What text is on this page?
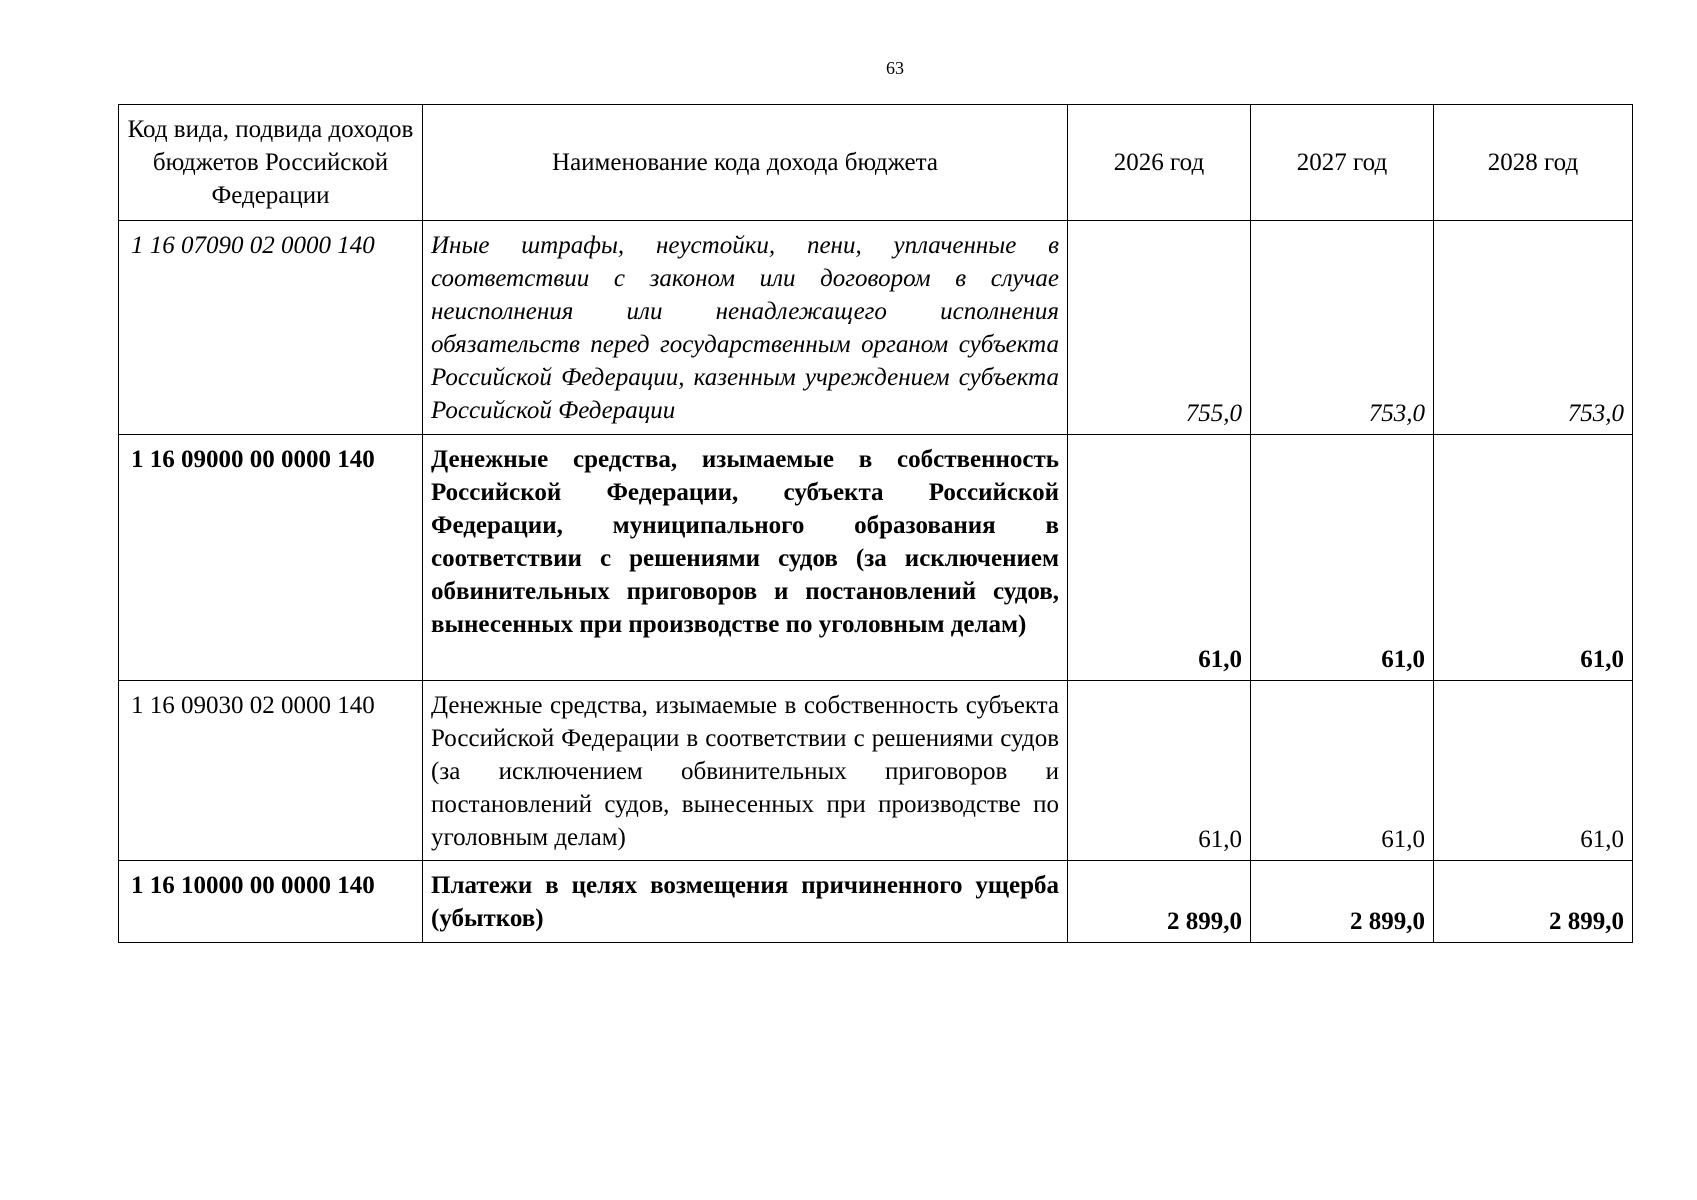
63
Код вида, подвида доходов бюджетов Российской Федерации	Наименование кода дохода бюджета	2026 год	2027 год	2028 год
1 16 07090 02 0000 140	Иные штрафы, неустойки, пени, уплаченные в соответствии с законом или договором в случае неисполнения или ненадлежащего исполнения обязательств перед государственным органом субъекта Российской Федерации, казенным учреждением субъекта Российской Федерации	755,0	753,0	753,0
1 16 09000 00 0000 140	Денежные средства, изымаемые в собственность Российской Федерации, субъекта Российской Федерации, муниципального образования в соответствии с решениями судов (за исключением обвинительных приговоров и постановлений судов, вынесенных при производстве по уголовным делам)	61,0	61,0	61,0
1 16 09030 02 0000 140	Денежные средства, изымаемые в собственность субъекта Российской Федерации в соответствии с решениями судов (за исключением обвинительных приговоров и постановлений судов, вынесенных при производстве по уголовным делам)	61,0	61,0	61,0
1 16 10000 00 0000 140	Платежи в целях возмещения причиненного ущерба (убытков)	2 899,0	2 899,0	2 899,0
